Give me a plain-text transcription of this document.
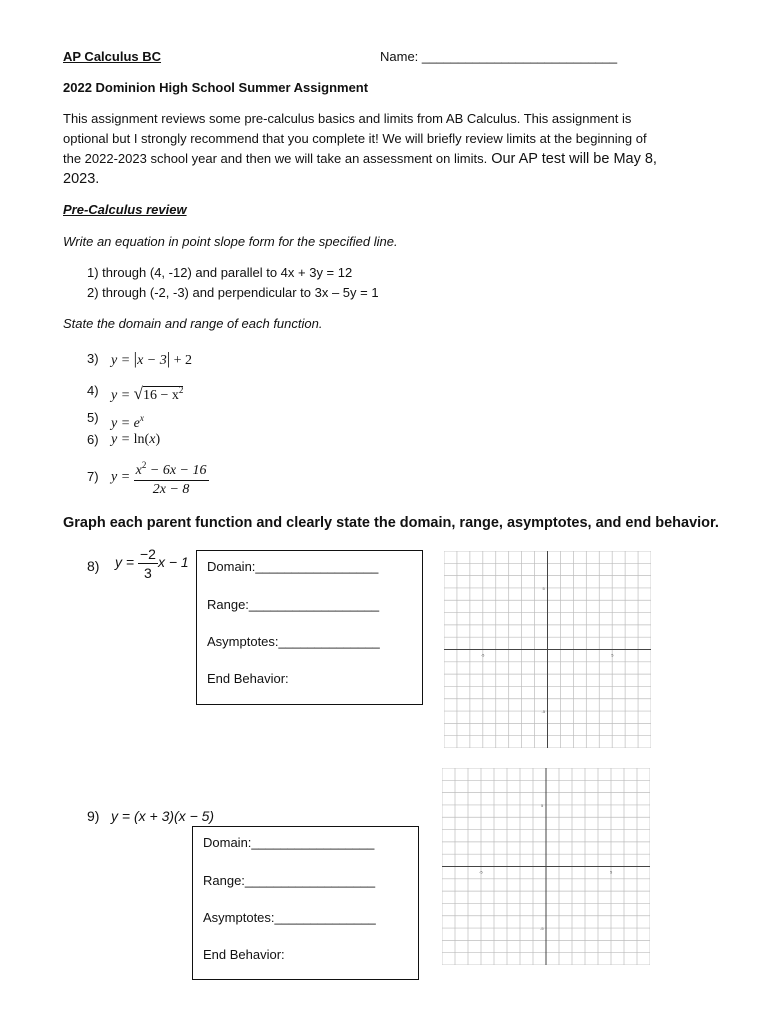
AP Calculus BC	Name: ___________________________
2022 Dominion High School Summer Assignment
This assignment reviews some pre-calculus basics and limits from AB Calculus. This assignment is
optional but I strongly recommend that you complete it! We will briefly review limits at the beginning of
the 2022-2023 school year and then we will take an assessment on limits. Our AP test will be May 8,
2023.
Pre-Calculus review
Write an equation in point slope form for the specified line.
1) through (4, -12) and parallel to 4x + 3y = 12
2) through (-2, -3) and perpendicular to 3x – 5y = 1
State the domain and range of each function.
3) y = |x − 3| + 2
4) $y = √16 - x^2$
5) $y = e^x$
6) y = ln(x)
7) $y = \frac{x^2 - 6x - 16}{2x - 8}$
Graph each parent function and clearly state the domain, range, asymptotes, and end behavior.
8) $y = \frac{-2}{3}$ x − 1 Domain:_________________
Range:__________________
Asymptotes:______________
End Behavior:
-5	5
5
-5
9) y = (x + 3)(x − 5)
Domain:_________________
Range:__________________
Asymptotes:______________
End Behavior:
-5	5
5
-5
